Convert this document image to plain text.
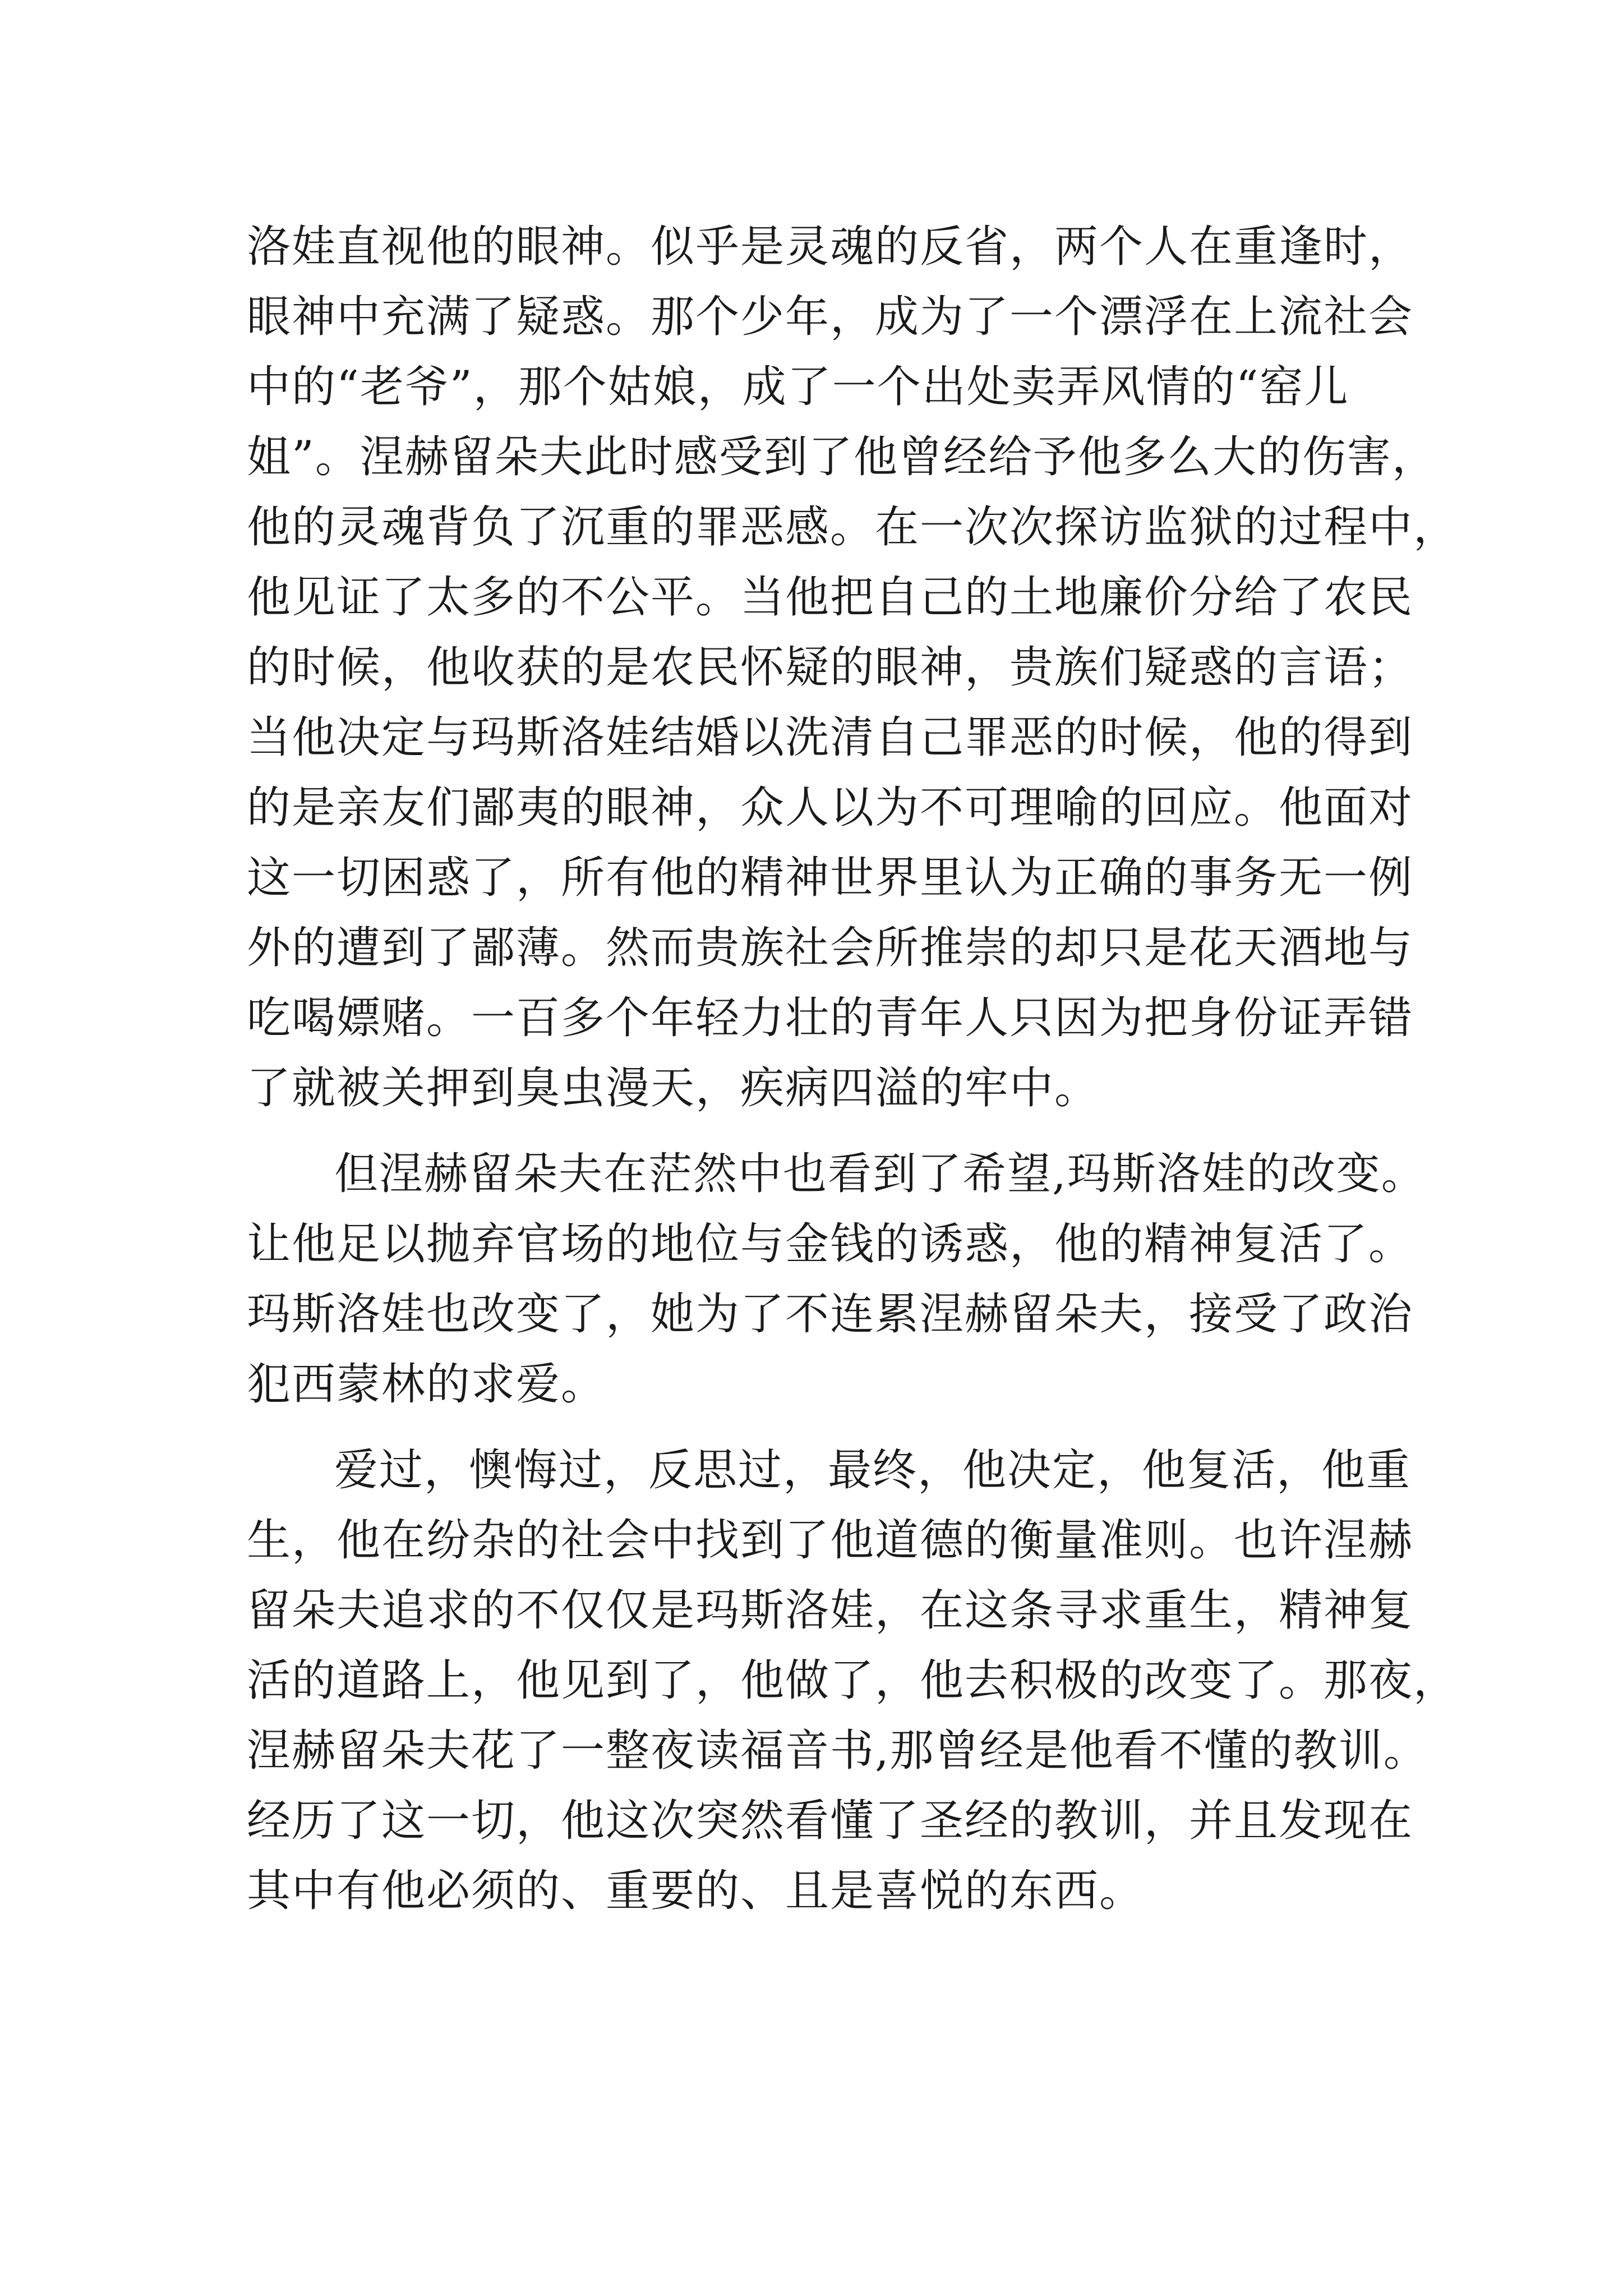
洛娃直视他的眼神。似乎是灵魂的反省，两个人在重逢时，
眼神中充满了疑惑。那个少年，成为了一个漂浮在上流社会
中的“老爷”，那个姑娘，成了一个出处卖弄风情的“窑儿
姐”。涅赫留朵夫此时感受到了他曾经给予他多么大的伤害，
他的灵魂背负了沉重的罪恶感。在一次次探访监狱的过程中，
他见证了太多的不公平。当他把自己的土地廉价分给了农民
的时候，他收获的是农民怀疑的眼神，贵族们疑惑的言语；
当他决定与玛斯洛娃结婚以洗清自己罪恶的时候，他的得到
的是亲友们鄙夷的眼神，众人以为不可理喻的回应。他面对
这一切困惑了，所有他的精神世界里认为正确的事务无一例
外的遭到了鄙薄。然而贵族社会所推崇的却只是花天酒地与
吃喝嫖赌。一百多个年轻力壮的青年人只因为把身份证弄错
了就被关押到臭虫漫天，疾病四溢的牢中。
但涅赫留朵夫在茫然中也看到了希望,玛斯洛娃的改变。
让他足以抛弃官场的地位与金钱的诱惑，他的精神复活了。
玛斯洛娃也改变了，她为了不连累涅赫留朵夫，接受了政治
犯西蒙林的求爱。
爱过，懊悔过，反思过，最终，他决定，他复活，他重
生，他在纷杂的社会中找到了他道德的衡量准则。也许涅赫
留朵夫追求的不仅仅是玛斯洛娃，在这条寻求重生，精神复
活的道路上，他见到了，他做了，他去积极的改变了。那夜，
涅赫留朵夫花了一整夜读福音书,那曾经是他看不懂的教训。
经历了这一切，他这次突然看懂了圣经的教训，并且发现在
其中有他必须的、重要的、且是喜悦的东西。
